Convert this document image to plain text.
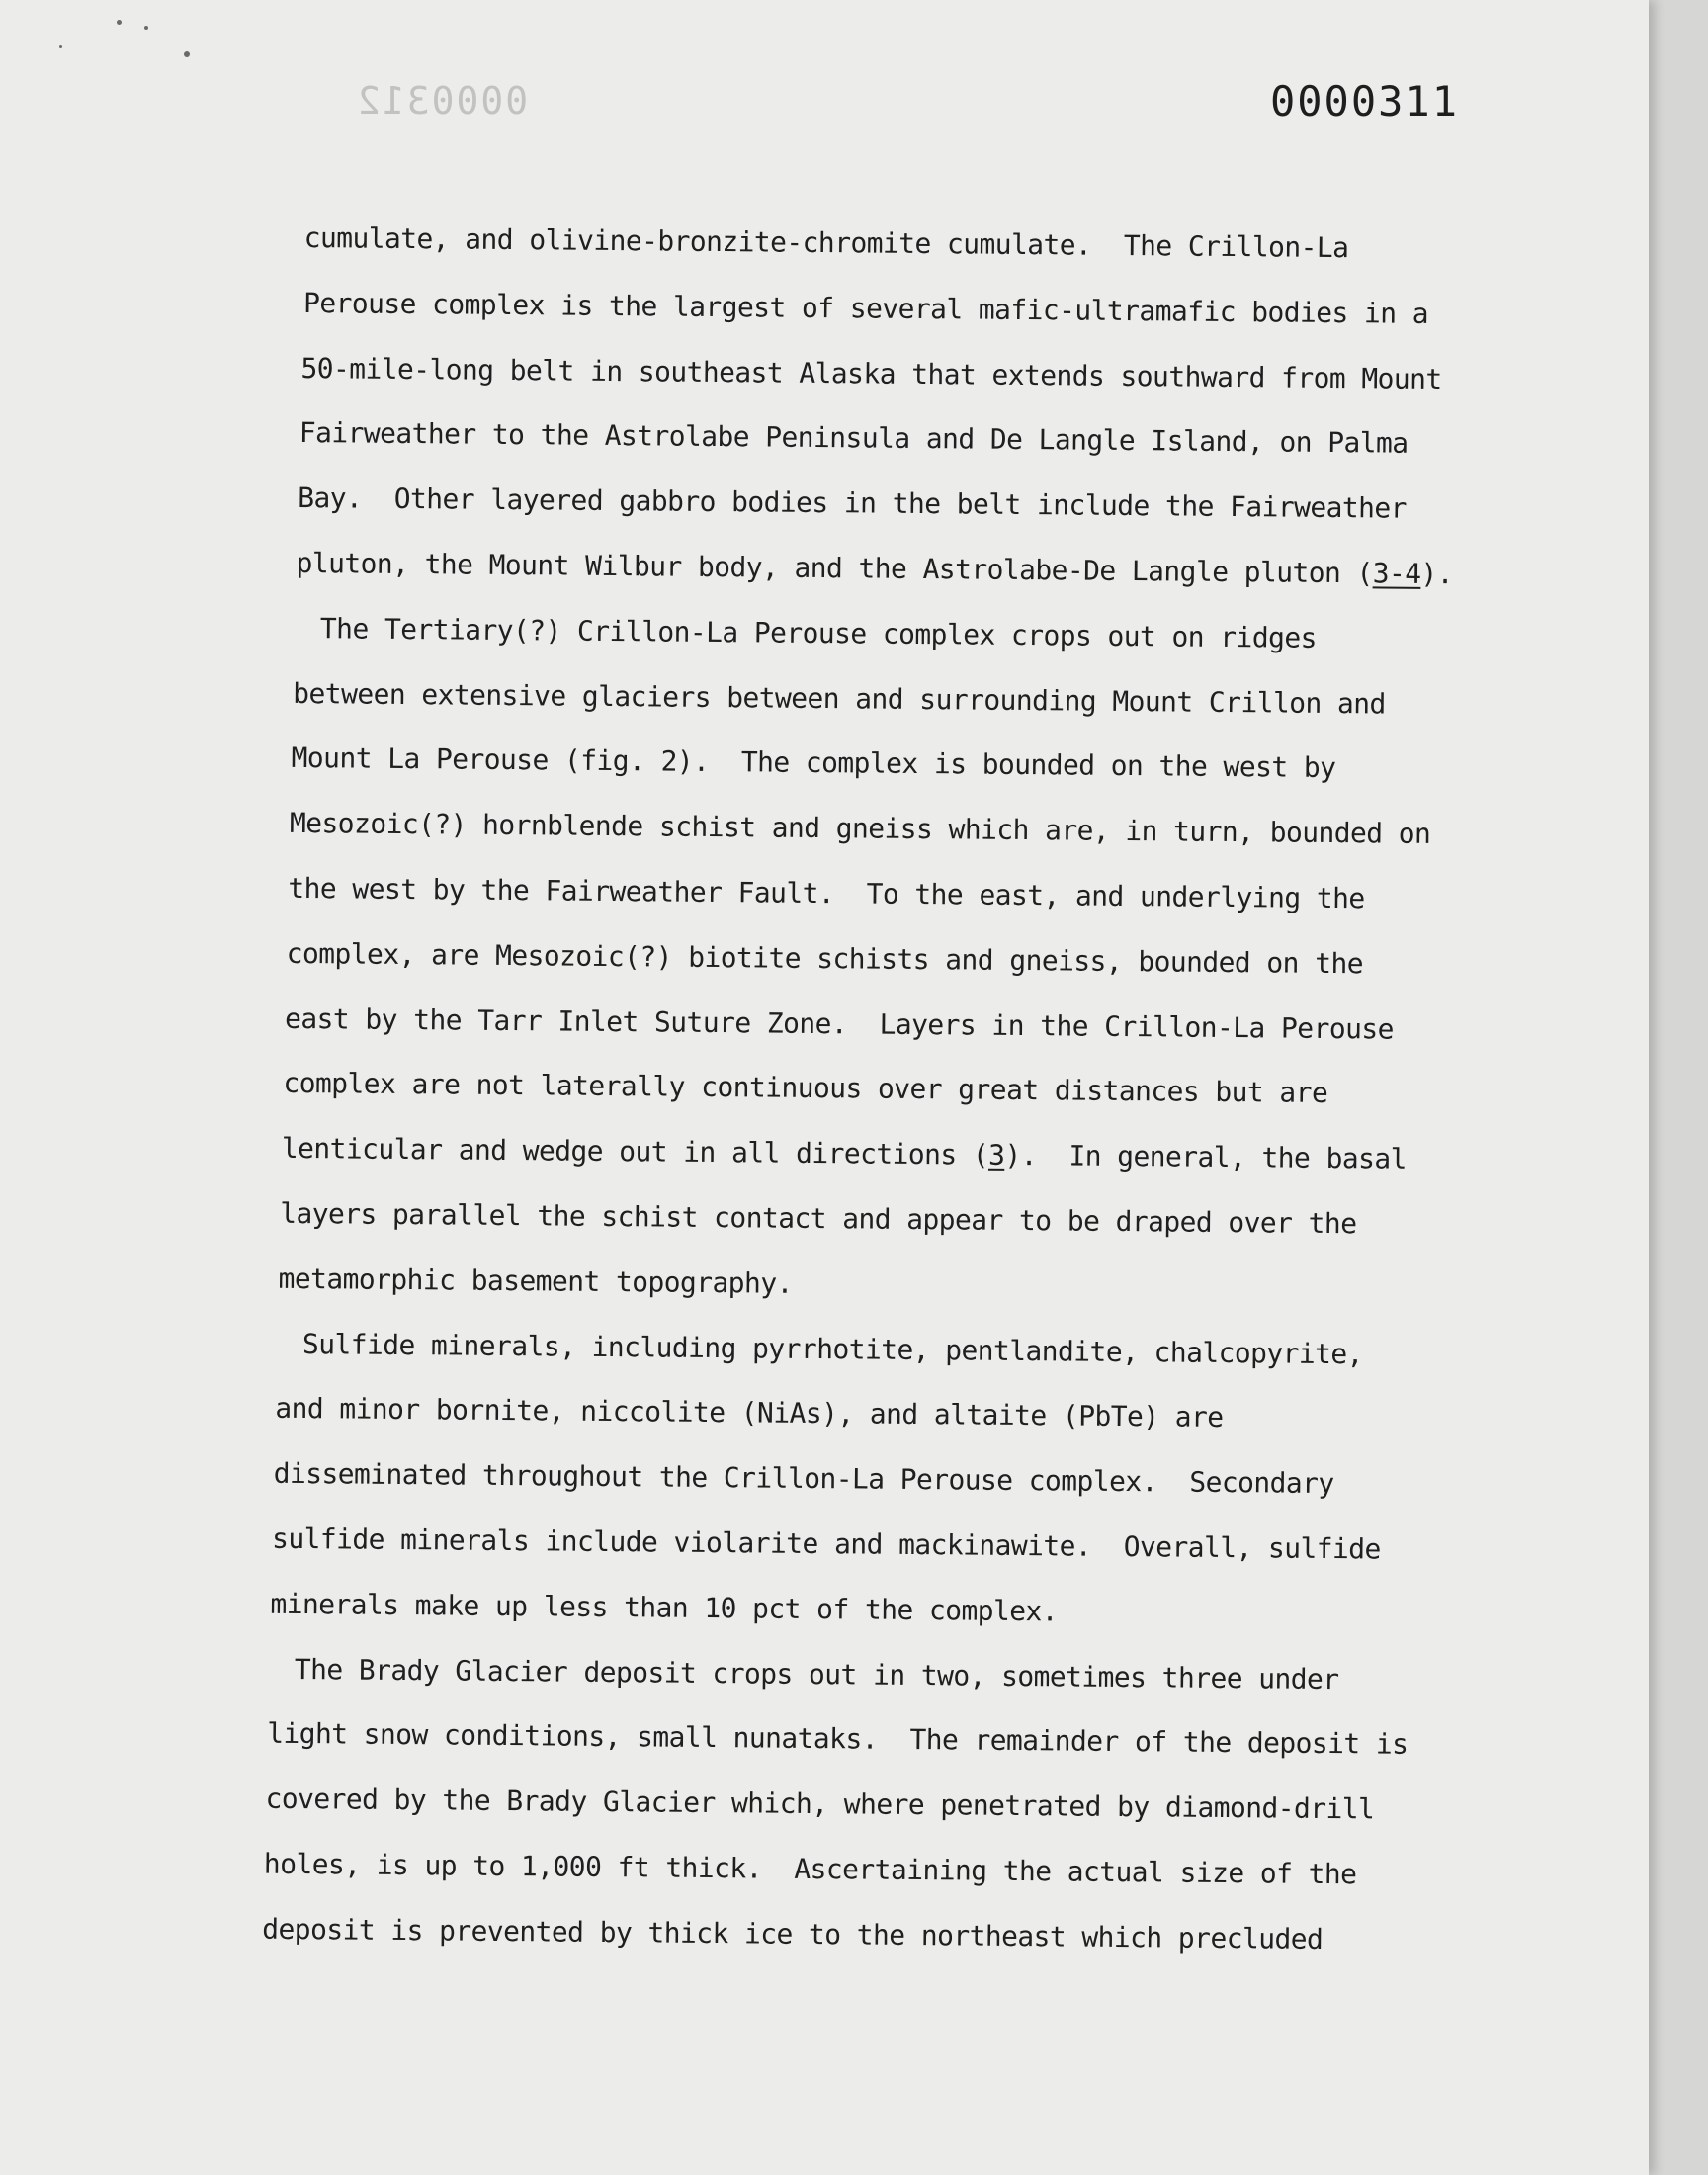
0000312	0000311
cumulate, and olivine-bronzite-chromite cumulate.  The Crillon-La
Perouse complex is the largest of several mafic-ultramafic bodies in a
50-mile-long belt in southeast Alaska that extends southward from Mount
Fairweather to the Astrolabe Peninsula and De Langle Island, on Palma
Bay.  Other layered gabbro bodies in the belt include the Fairweather
pluton, the Mount Wilbur body, and the Astrolabe-De Langle pluton (3-4).
The Tertiary(?) Crillon-La Perouse complex crops out on ridges
between extensive glaciers between and surrounding Mount Crillon and
Mount La Perouse (fig. 2).  The complex is bounded on the west by
Mesozoic(?) hornblende schist and gneiss which are, in turn, bounded on
the west by the Fairweather Fault.  To the east, and underlying the
complex, are Mesozoic(?) biotite schists and gneiss, bounded on the
east by the Tarr Inlet Suture Zone.  Layers in the Crillon-La Perouse
complex are not laterally continuous over great distances but are
lenticular and wedge out in all directions (3).  In general, the basal
layers parallel the schist contact and appear to be draped over the
metamorphic basement topography.
Sulfide minerals, including pyrrhotite, pentlandite, chalcopyrite,
and minor bornite, niccolite (NiAs), and altaite (PbTe) are
disseminated throughout the Crillon-La Perouse complex.  Secondary
sulfide minerals include violarite and mackinawite.  Overall, sulfide
minerals make up less than 10 pct of the complex.
The Brady Glacier deposit crops out in two, sometimes three under
light snow conditions, small nunataks.  The remainder of the deposit is
covered by the Brady Glacier which, where penetrated by diamond-drill
holes, is up to 1,000 ft thick.  Ascertaining the actual size of the
deposit is prevented by thick ice to the northeast which precluded
